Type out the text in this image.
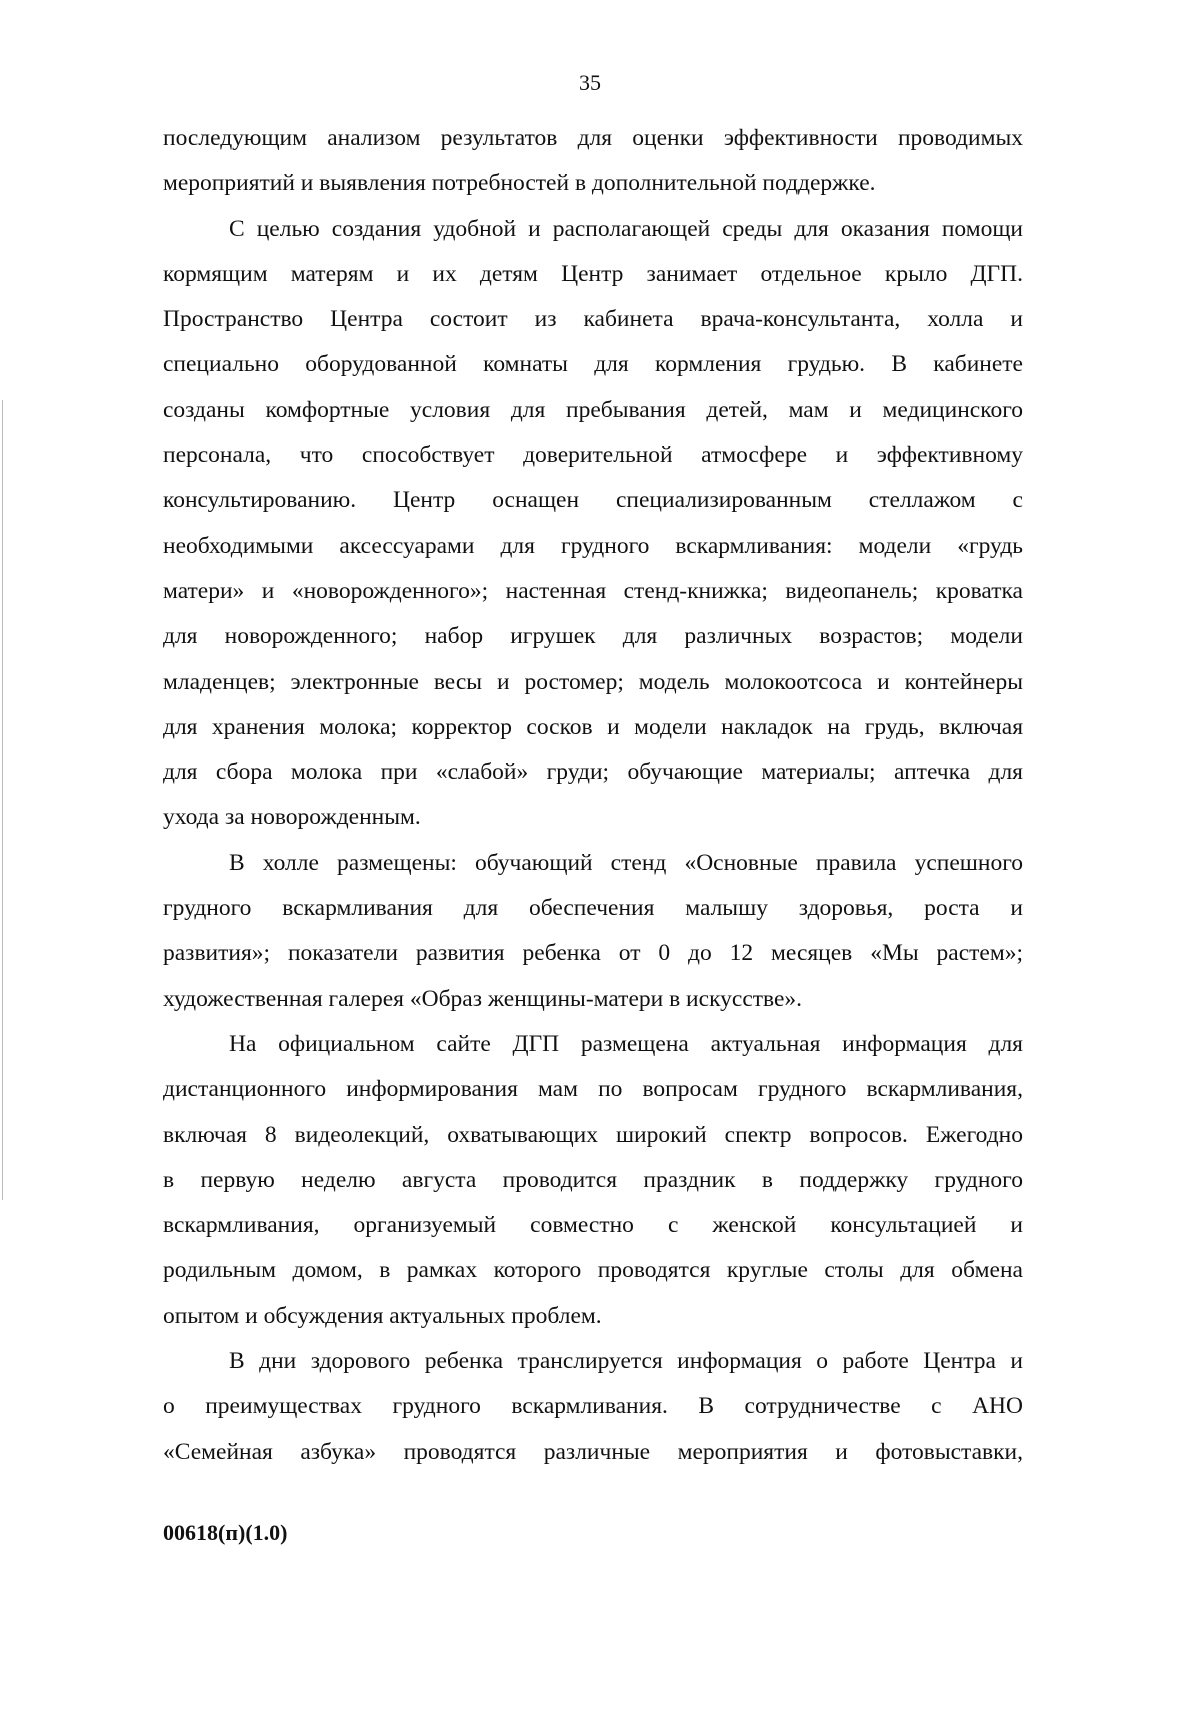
35
последующим анализом результатов для оценки эффективности проводимых
мероприятий и выявления потребностей в дополнительной поддержке.
С целью создания удобной и располагающей среды для оказания помощи
кормящим матерям и их детям Центр занимает отдельное крыло ДГП.
Пространство Центра состоит из кабинета врача-консультанта, холла и
специально оборудованной комнаты для кормления грудью. В кабинете
созданы комфортные условия для пребывания детей, мам и медицинского
персонала, что способствует доверительной атмосфере и эффективному
консультированию. Центр оснащен специализированным стеллажом с
необходимыми аксессуарами для грудного вскармливания: модели «грудь
матери» и «новорожденного»; настенная стенд-книжка; видеопанель; кроватка
для новорожденного; набор игрушек для различных возрастов; модели
младенцев; электронные весы и ростомер; модель молокоотсоса и контейнеры
для хранения молока; корректор сосков и модели накладок на грудь, включая
для сбора молока при «слабой» груди; обучающие материалы; аптечка для
ухода за новорожденным.
В холле размещены: обучающий стенд «Основные правила успешного
грудного вскармливания для обеспечения малышу здоровья, роста и
развития»; показатели развития ребенка от 0 до 12 месяцев «Мы растем»;
художественная галерея «Образ женщины-матери в искусстве».
На официальном сайте ДГП размещена актуальная информация для
дистанционного информирования мам по вопросам грудного вскармливания,
включая 8 видеолекций, охватывающих широкий спектр вопросов. Ежегодно
в первую неделю августа проводится праздник в поддержку грудного
вскармливания, организуемый совместно с женской консультацией и
родильным домом, в рамках которого проводятся круглые столы для обмена
опытом и обсуждения актуальных проблем.
В дни здорового ребенка транслируется информация о работе Центра и
о преимуществах грудного вскармливания. В сотрудничестве с АНО
«Семейная азбука» проводятся различные мероприятия и фотовыставки,
00618(п)(1.0)
